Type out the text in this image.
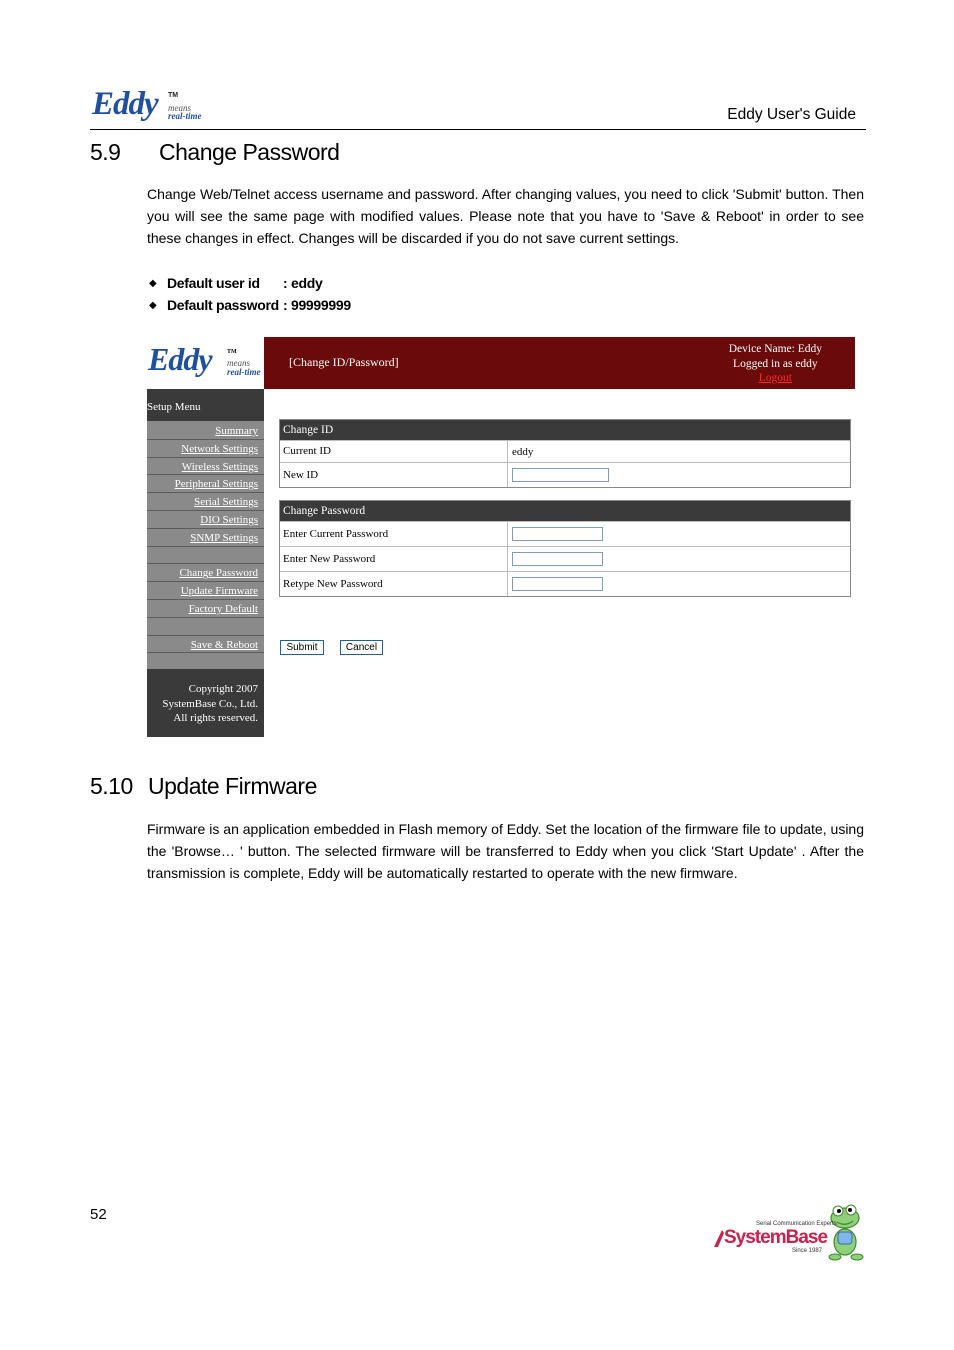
Eddy TM
means
real-time	Eddy User's Guide
5.9 Change Password
Change Web/Telnet access username and password. After changing values, you need to click 'Submit' button. Then you will see the same page with modified values. Please note that you have to 'Save & Reboot' in order to see these changes in effect. Changes will be discarded if you do not save current settings.
◆ Default user id	: eddy
◆ Default password : 99999999
Eddy	TM
means
real-time
[Change ID/Password]
Device Name: Eddy
Logged in as eddy
Logout
Setup Menu
Summary
Network Settings
Wireless Settings
Peripheral Settings
Serial Settings
DIO Settings
SNMP Settings
Change Password
Update Firmware
Factory Default
Save & Reboot
Copyright 2007
SystemBase Co., Ltd.
All rights reserved.
Change ID
Current ID	eddy
New ID
Change Password
Enter Current Password
Enter New Password
Retype New Password
Submit	Cancel
5.10 Update Firmware
Firmware is an application embedded in Flash memory of Eddy. Set the location of the firmware file to update, using the 'Browse… ' button. The selected firmware will be transferred to Eddy when you click 'Start Update' . After the transmission is complete, Eddy will be automatically restarted to operate with the new firmware.
52
Serial Communication Experts
SystemBase
Since 1987
